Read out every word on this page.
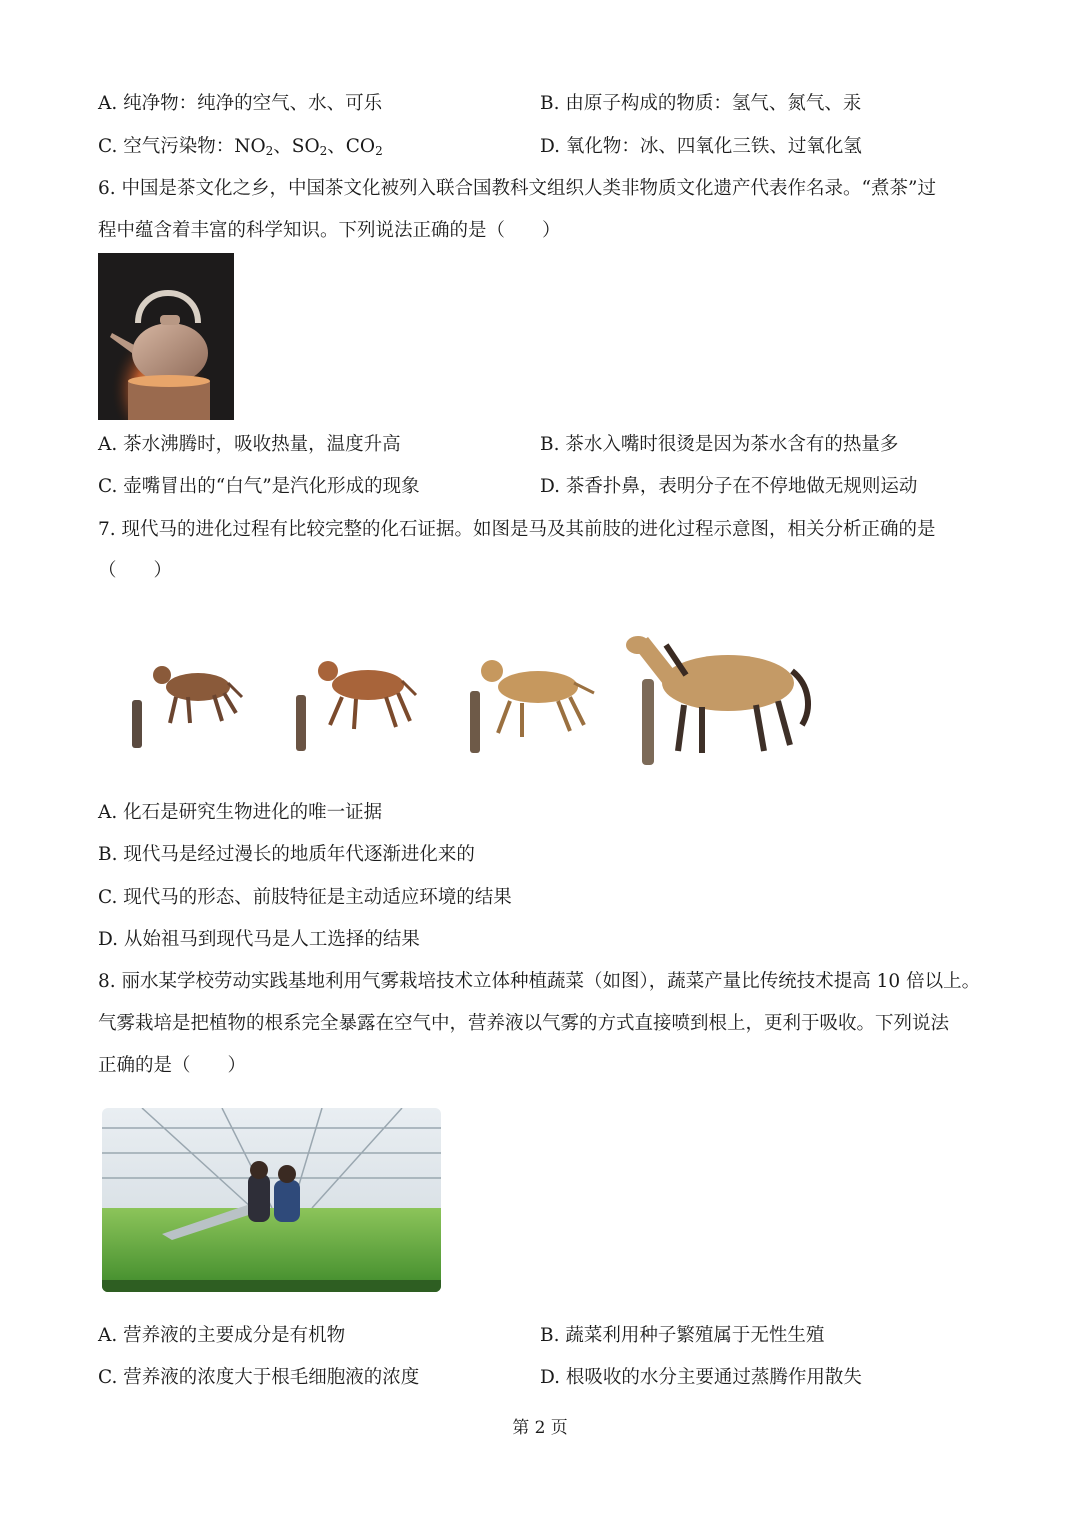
A. 纯净物：纯净的空气、水、可乐	B. 由原子构成的物质：氢气、氮气、汞
C. 空气污染物：$NO_2$、$SO_2$、$CO_2$	D. 氧化物：冰、四氧化三铁、过氧化氢
6. 中国是茶文化之乡，中国茶文化被列入联合国教科文组织人类非物质文化遗产代表作名录。“煮茶”过
程中蕴含着丰富的科学知识。下列说法正确的是（　　）
A. 茶水沸腾时，吸收热量，温度升高	B. 茶水入嘴时很烫是因为茶水含有的热量多
C. 壶嘴冒出的“白气”是汽化形成的现象	D. 茶香扑鼻，表明分子在不停地做无规则运动
7. 现代马的进化过程有比较完整的化石证据。如图是马及其前肢的进化过程示意图，相关分析正确的是
（　　）
A. 化石是研究生物进化的唯一证据
B. 现代马是经过漫长的地质年代逐渐进化来的
C. 现代马的形态、前肢特征是主动适应环境的结果
D. 从始祖马到现代马是人工选择的结果
8. 丽水某学校劳动实践基地利用气雾栽培技术立体种植蔬菜（如图），蔬菜产量比传统技术提高 10 倍以上。
气雾栽培是把植物的根系完全暴露在空气中，营养液以气雾的方式直接喷到根上，更利于吸收。下列说法
正确的是（　　）
A. 营养液的主要成分是有机物	B. 蔬菜利用种子繁殖属于无性生殖
C. 营养液的浓度大于根毛细胞液的浓度	D. 根吸收的水分主要通过蒸腾作用散失
第 2 页
